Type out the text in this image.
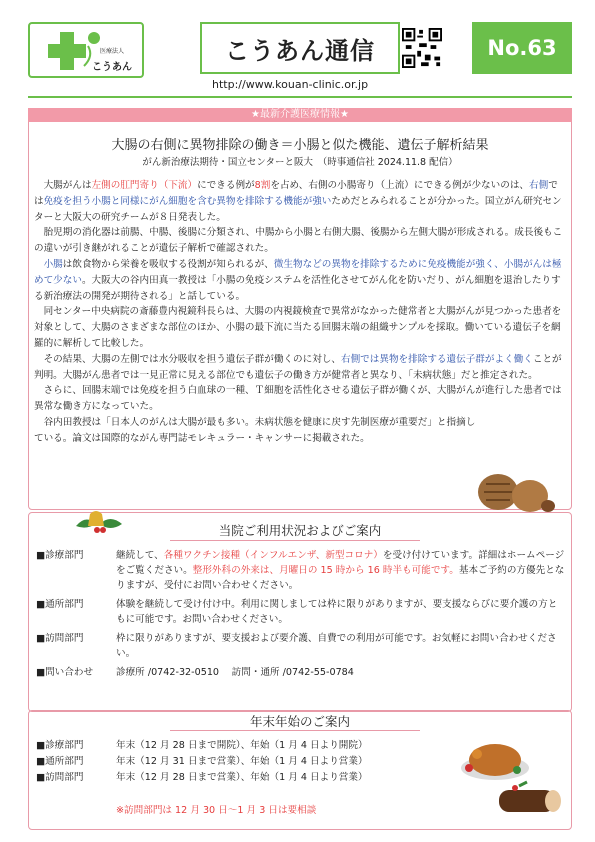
医療法人
こうあん
こうあん通信	No.63
http://www.kouan-clinic.or.jp
★最新介護医療情報★
大腸の右側に異物排除の働き＝小腸と似た機能、遺伝子解析結果
がん新治療法期待・国立センターと阪大　（時事通信社 2024.11.8 配信）

大腸がんは左側の肛門寄り（下流）にできる例が8割を占め、右側の小腸寄り（上流）にできる例が少ないのは、右側では免疫を担う小腸と同様にがん細胞を含む異物を排除する機能が強いためだとみられることが分かった。国立がん研究センターと大阪大の研究チームが８日発表した。

胎児期の消化器は前腸、中腸、後腸に分類され、中腸から小腸と右側大腸、後腸から左側大腸が形成される。成長後もこの違いが引き継がれることが遺伝子解析で確認された。

小腸は飲食物から栄養を吸収する役割が知られるが、微生物などの異物を排除するために免疫機能が強く、小腸がんは極めて少ない。大阪大の谷内田真一教授は「小腸の免疫システムを活性化させてがん化を防いだり、がん細胞を退治したりする新治療法の開発が期待される」と話している。

同センター中央病院の斎藤豊内視鏡科長らは、大腸の内視鏡検査で異常がなかった健常者と大腸がんが見つかった患者を対象として、大腸のさまざまな部位のほか、小腸の最下流に当たる回腸末端の組織サンプルを採取。働いている遺伝子を網羅的に解析して比較した。

その結果、大腸の左側では水分吸収を担う遺伝子群が働くのに対し、右側では異物を排除する遺伝子群がよく働くことが判明。大腸がん患者では一見正常に見える部位でも遺伝子の働き方が健常者と異なり、「未病状態」だと推定された。

さらに、回腸末端では免疫を担う白血球の一種、Ｔ細胞を活性化させる遺伝子群が働くが、大腸がんが進行した患者では異常な働き方になっていた。

谷内田教授は「日本人のがんは大腸が最も多い。未病状態を健康に戻す先制医療が重要だ」と指摘している。論文は国際的ながん専門誌モレキュラー・キャンサーに掲載された。

当院ご利用状況およびご案内
■診療部門	継続して、各種ワクチン接種（インフルエンザ、新型コロナ）を受け付けています。詳細はホームページをご覧ください。整形外科の外来は、月曜日の 15 時から 16 時半も可能です。基本ご予約の方優先となりますが、受付にお問い合わせください。
■通所部門	体験を継続して受け付け中。利用に関しましては枠に限りがありますが、要支援ならびに要介護の方ともに可能です。お問い合わせください。
■訪問部門	枠に限りがありますが、要支援および要介護、自費での利用が可能です。お気軽にお問い合わせください。
■問い合わせ	診療所 /0742-32-0510　 訪問・通所 /0742-55-0784
年末年始のご案内
■診療部門	年末（12 月 28 日まで開院）、年始（1 月 4 日より開院）
■通所部門	年末（12 月 31 日まで営業）、年始（1 月 4 日より営業）
■訪問部門	年末（12 月 28 日まで営業）、年始（1 月 4 日より営業）
※訪問部門は 12 月 30 日～1 月 3 日は要相談
